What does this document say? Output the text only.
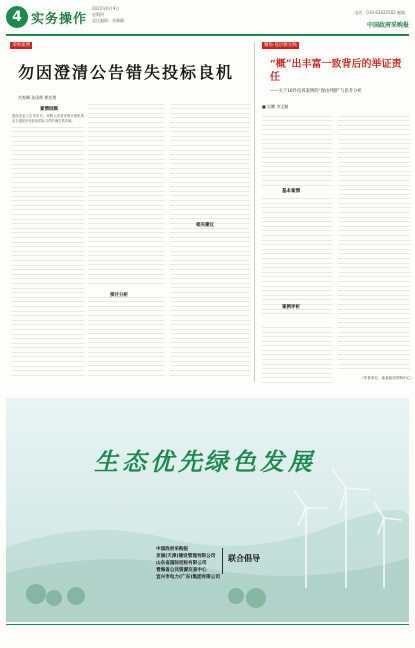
4 实务操作
2022年6月9日
星期四
责任编辑：张璐璐
电话：010-63422502 邮箱：
中国政府采购报
采购案例
勿因澄清公告错失投标良机
肖家琳 张国辉 朝克鲁
案情回顾
澄清变更公告发布后，采购人或者采购代理机构应当通知所有获取招标文件的潜在供应商。
探讨分析
相关建议
聚焦·基层新实践
“概”出丰富一致背后的举证责任
——关于16件投诉案例的“理由判断”与思考分析
■ 吴鹏 李文颖
基本案情
案例评析
（作者单位：某某政府采购中心）
生态优先
绿色发展
中国政府采购报
京福(天津)建设管理有限公司
山东省国际招标有限公司
青海省公共资源交易中心
宜兴市电力(广东)集团有限公司
联合倡导
